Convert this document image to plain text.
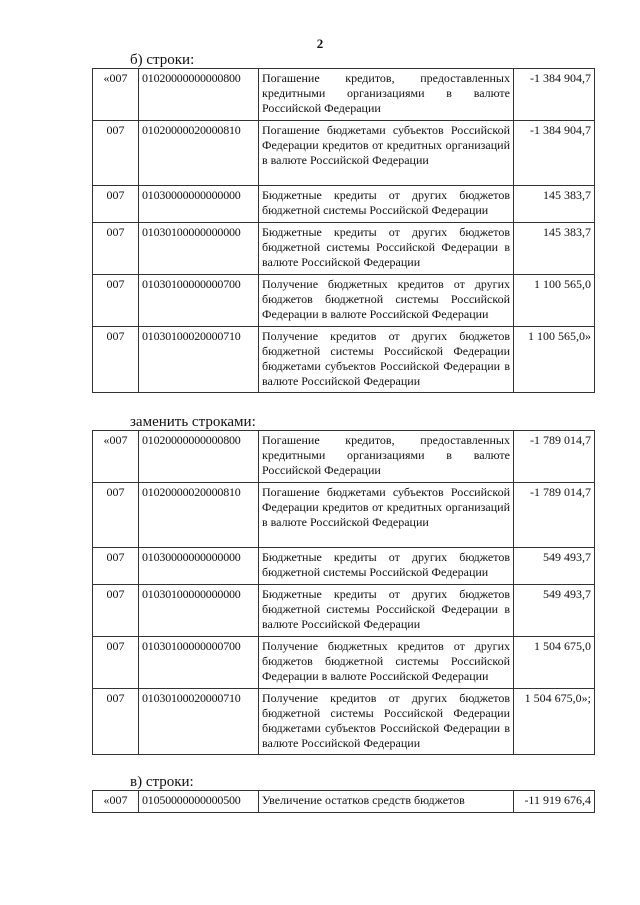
2
б) строки:
«007	01020000000000800	Погашение кредитов, предоставленных кредитными организациями в валюте Российской Федерации	-1 384 904,7
007	01020000020000810	Погашение бюджетами субъектов Российской Федерации кредитов от кредитных организаций в валюте Российской Федерации	-1 384 904,7
007	01030000000000000	Бюджетные кредиты от других бюджетов бюджетной системы Российской Федерации	145 383,7
007	01030100000000000	Бюджетные кредиты от других бюджетов бюджетной системы Российской Федерации в валюте Российской Федерации	145 383,7
007	01030100000000700	Получение бюджетных кредитов от других бюджетов бюджетной системы Российской Федерации в валюте Российской Федерации	1 100 565,0
007	01030100020000710	Получение кредитов от других бюджетов бюджетной системы Российской Федерации бюджетами субъектов Российской Федерации в валюте Российской Федерации	1 100 565,0»
заменить строками:
«007	01020000000000800	Погашение кредитов, предоставленных кредитными организациями в валюте Российской Федерации	-1 789 014,7
007	01020000020000810	Погашение бюджетами субъектов Российской Федерации кредитов от кредитных организаций в валюте Российской Федерации	-1 789 014,7
007	01030000000000000	Бюджетные кредиты от других бюджетов бюджетной системы Российской Федерации	549 493,7
007	01030100000000000	Бюджетные кредиты от других бюджетов бюджетной системы Российской Федерации в валюте Российской Федерации	549 493,7
007	01030100000000700	Получение бюджетных кредитов от других бюджетов бюджетной системы Российской Федерации в валюте Российской Федерации	1 504 675,0
007	01030100020000710	Получение кредитов от других бюджетов бюджетной системы Российской Федерации бюджетами субъектов Российской Федерации в валюте Российской Федерации	1 504 675,0»;
в) строки:
«007	01050000000000500	Увеличение остатков средств бюджетов	-11 919 676,4
